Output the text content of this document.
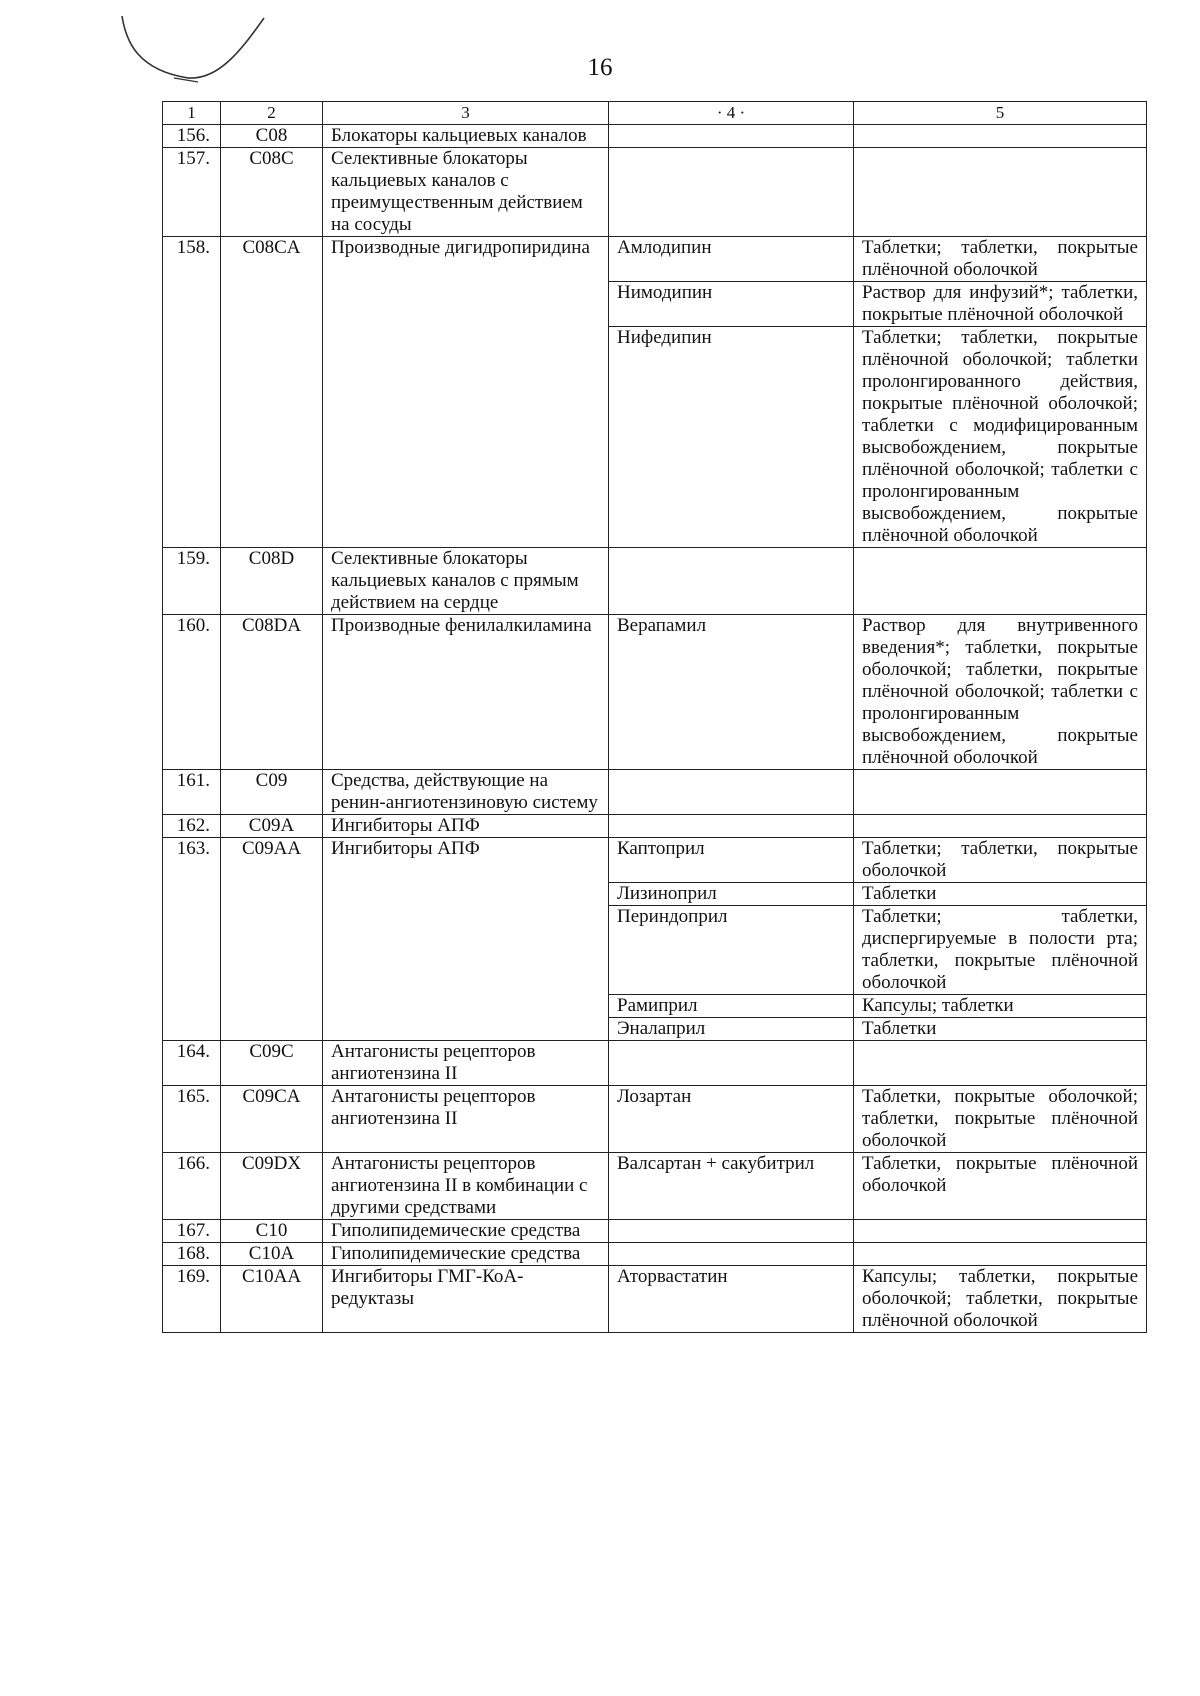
16
1	2	3	· 4 ·	5
156.	C08	Блокаторы кальциевых каналов		
157.	C08C	Селективные блокаторы кальциевых каналов с преимущественным действием на сосуды		
158.	C08CA	Производные дигидропиридина	Амлодипин	Таблетки; таблетки, покрытые плёночной оболочкой
			Нимодипин	Раствор для инфузий*; таблетки, покрытые плёночной оболочкой
			Нифедипин	Таблетки; таблетки, покрытые плёночной оболочкой; таблетки пролонгированного действия, покрытые плёночной оболочкой; таблетки с модифицированным высвобождением, покрытые плёночной оболочкой; таблетки с пролонгированным высвобождением, покрытые плёночной оболочкой
159.	C08D	Селективные блокаторы кальциевых каналов с прямым действием на сердце		
160.	C08DA	Производные фенилалкиламина	Верапамил	Раствор для внутривенного введения*; таблетки, покрытые оболочкой; таблетки, покрытые плёночной оболочкой; таблетки с пролонгированным высвобождением, покрытые плёночной оболочкой
161.	C09	Средства, действующие на ренин-ангиотензиновую систему		
162.	C09A	Ингибиторы АПФ		
163.	C09AA	Ингибиторы АПФ	Каптоприл	Таблетки; таблетки, покрытые оболочкой
			Лизиноприл	Таблетки
			Периндоприл	Таблетки; таблетки, диспергируемые в полости рта; таблетки, покрытые плёночной оболочкой
			Рамиприл	Капсулы; таблетки
			Эналаприл	Таблетки
164.	C09C	Антагонисты рецепторов ангиотензина II		
165.	C09CA	Антагонисты рецепторов ангиотензина II	Лозартан	Таблетки, покрытые оболочкой; таблетки, покрытые плёночной оболочкой
166.	C09DX	Антагонисты рецепторов ангиотензина II в комбинации с другими средствами	Валсартан + сакубитрил	Таблетки, покрытые плёночной оболочкой
167.	C10	Гиполипидемические средства		
168.	C10A	Гиполипидемические средства		
169.	C10AA	Ингибиторы ГМГ-КоА-редуктазы	Аторвастатин	Капсулы; таблетки, покрытые оболочкой; таблетки, покрытые плёночной оболочкой
